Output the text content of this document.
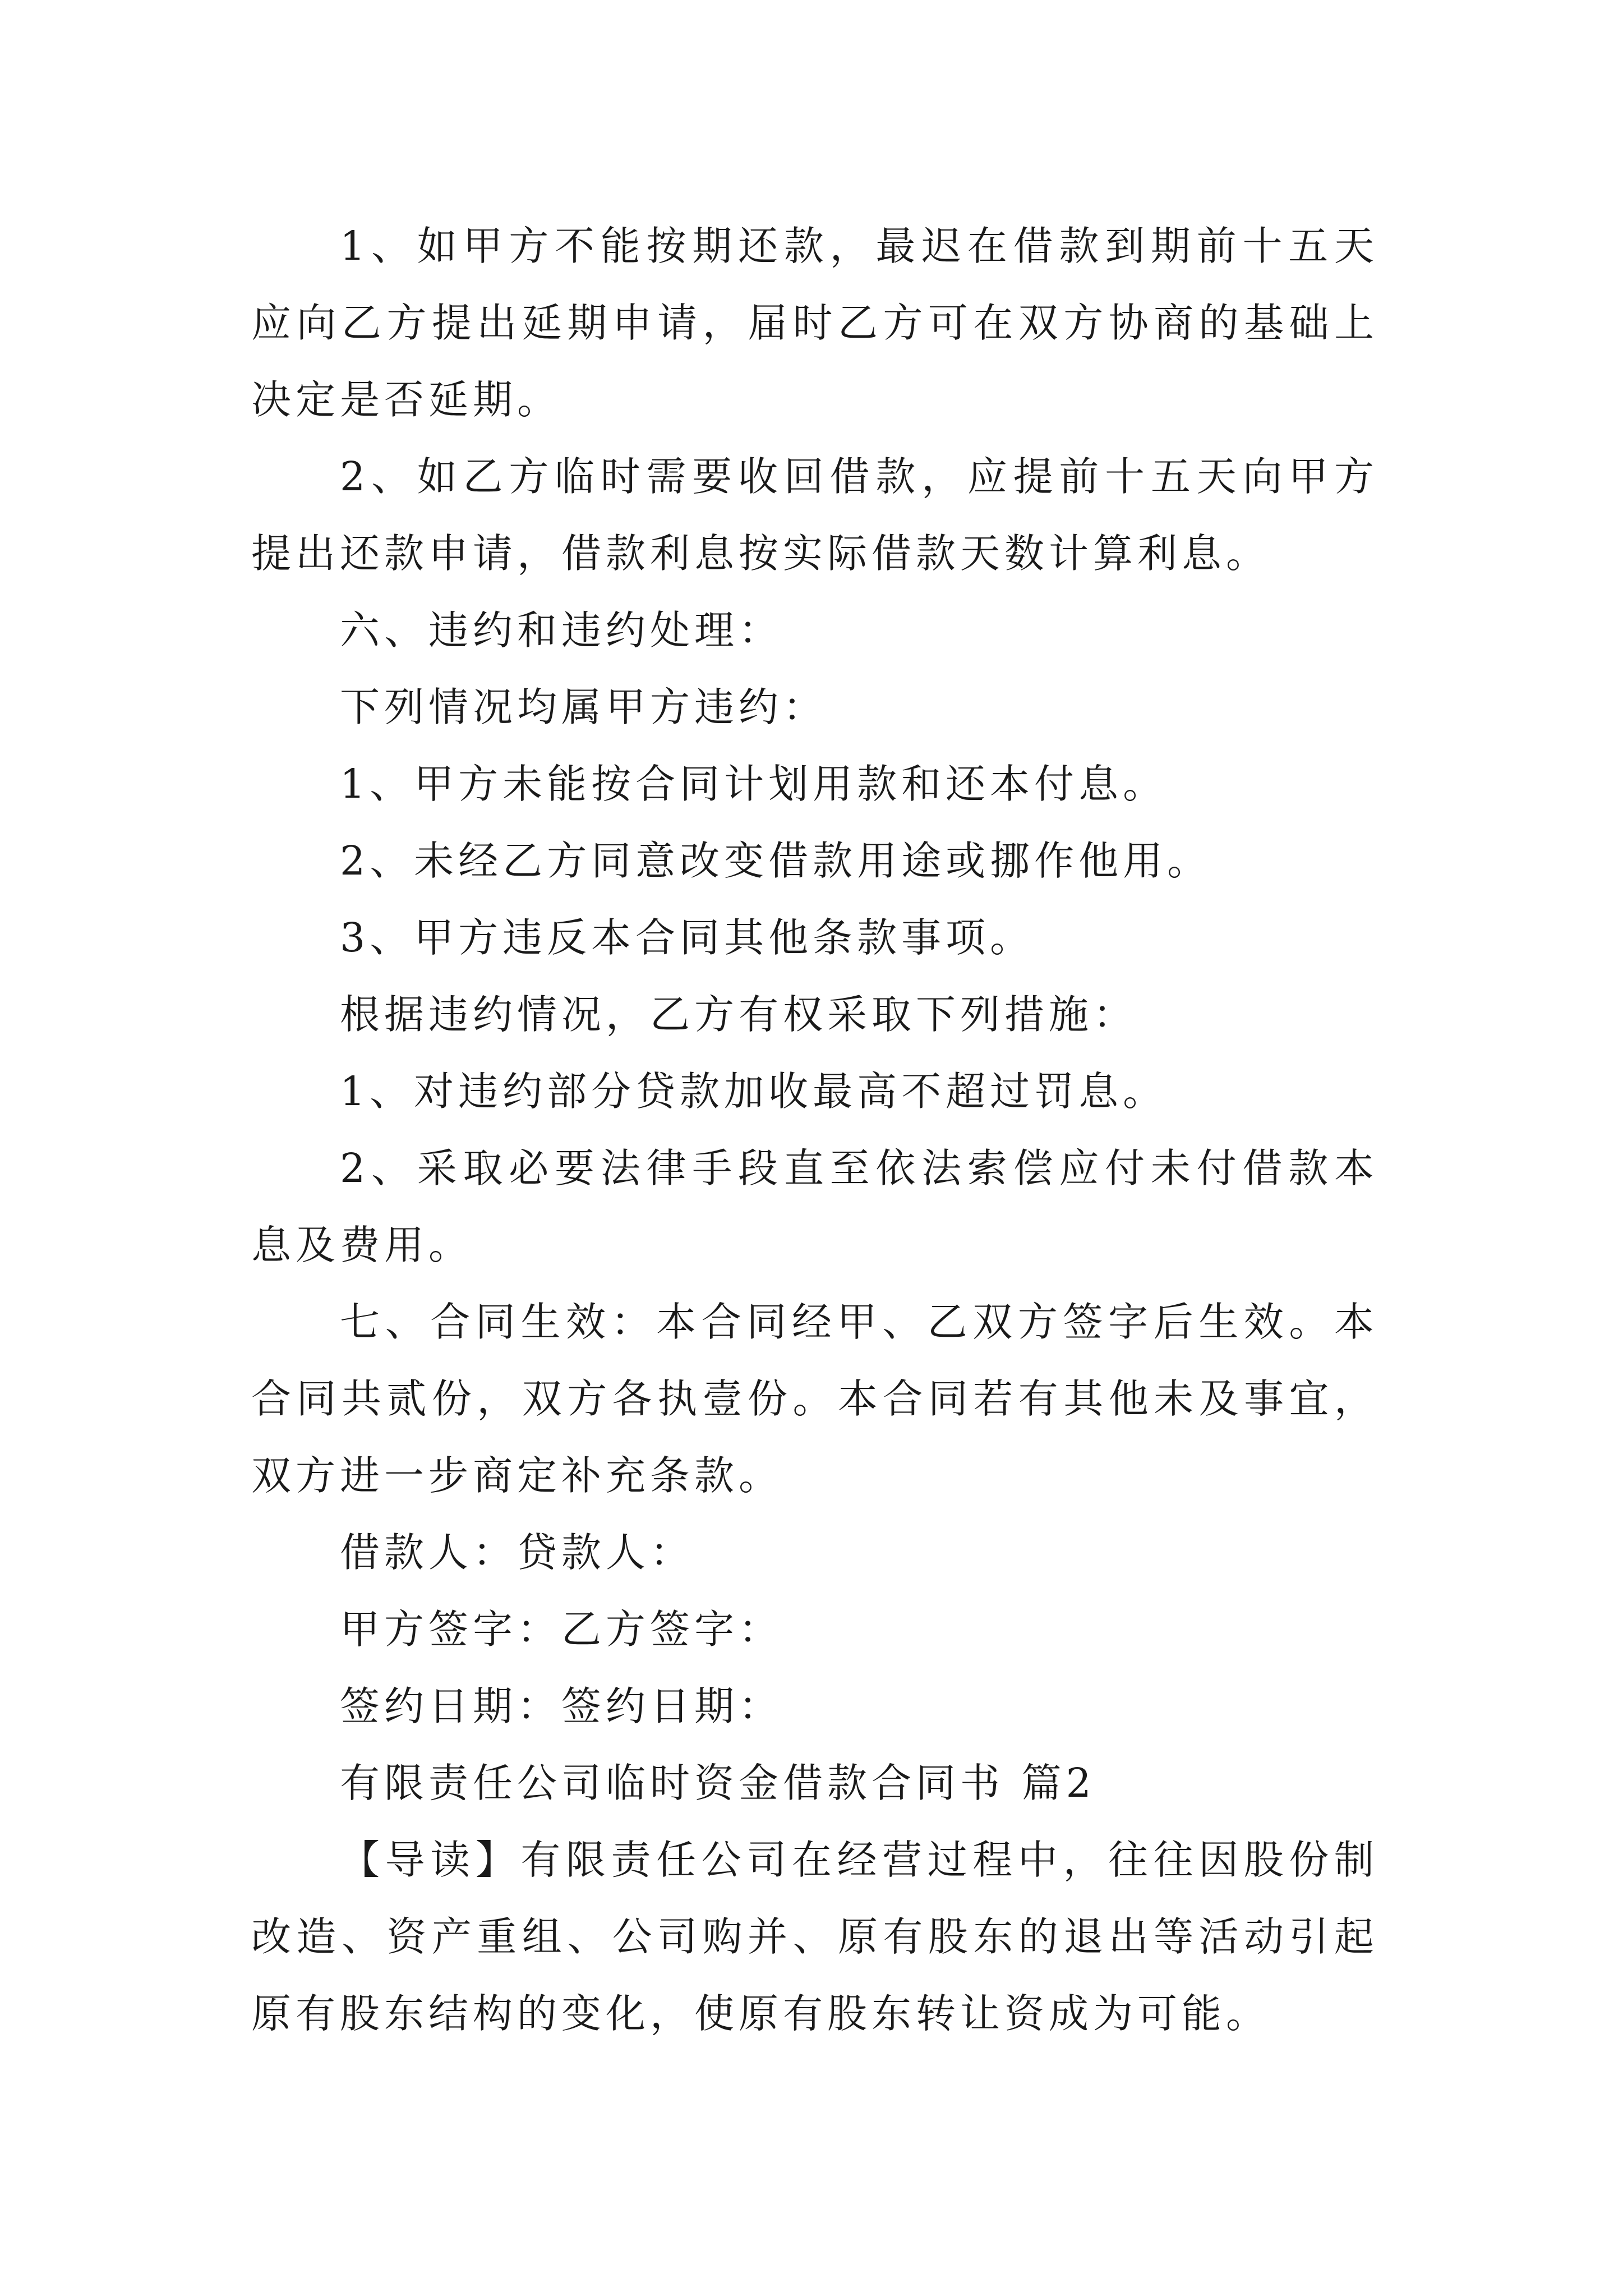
1、如甲方不能按期还款，最迟在借款到期前十五天应向乙方提出延期申请，届时乙方可在双方协商的基础上决定是否延期。

2、如乙方临时需要收回借款，应提前十五天向甲方提出还款申请，借款利息按实际借款天数计算利息。

六、违约和违约处理：

下列情况均属甲方违约：

1、甲方未能按合同计划用款和还本付息。

2、未经乙方同意改变借款用途或挪作他用。

3、甲方违反本合同其他条款事项。

根据违约情况，乙方有权采取下列措施：

1、对违约部分贷款加收最高不超过罚息。

2、采取必要法律手段直至依法索偿应付未付借款本息及费用。

七、合同生效：本合同经甲、乙双方签字后生效。本合同共贰份，双方各执壹份。本合同若有其他未及事宜，双方进一步商定补充条款。

借款人：贷款人：

甲方签字：乙方签字：

签约日期：签约日期：

有限责任公司临时资金借款合同书 篇2

【导读】有限责任公司在经营过程中，往往因股份制改造、资产重组、公司购并、原有股东的退出等活动引起原有股东结构的变化，使原有股东转让资成为可能。
